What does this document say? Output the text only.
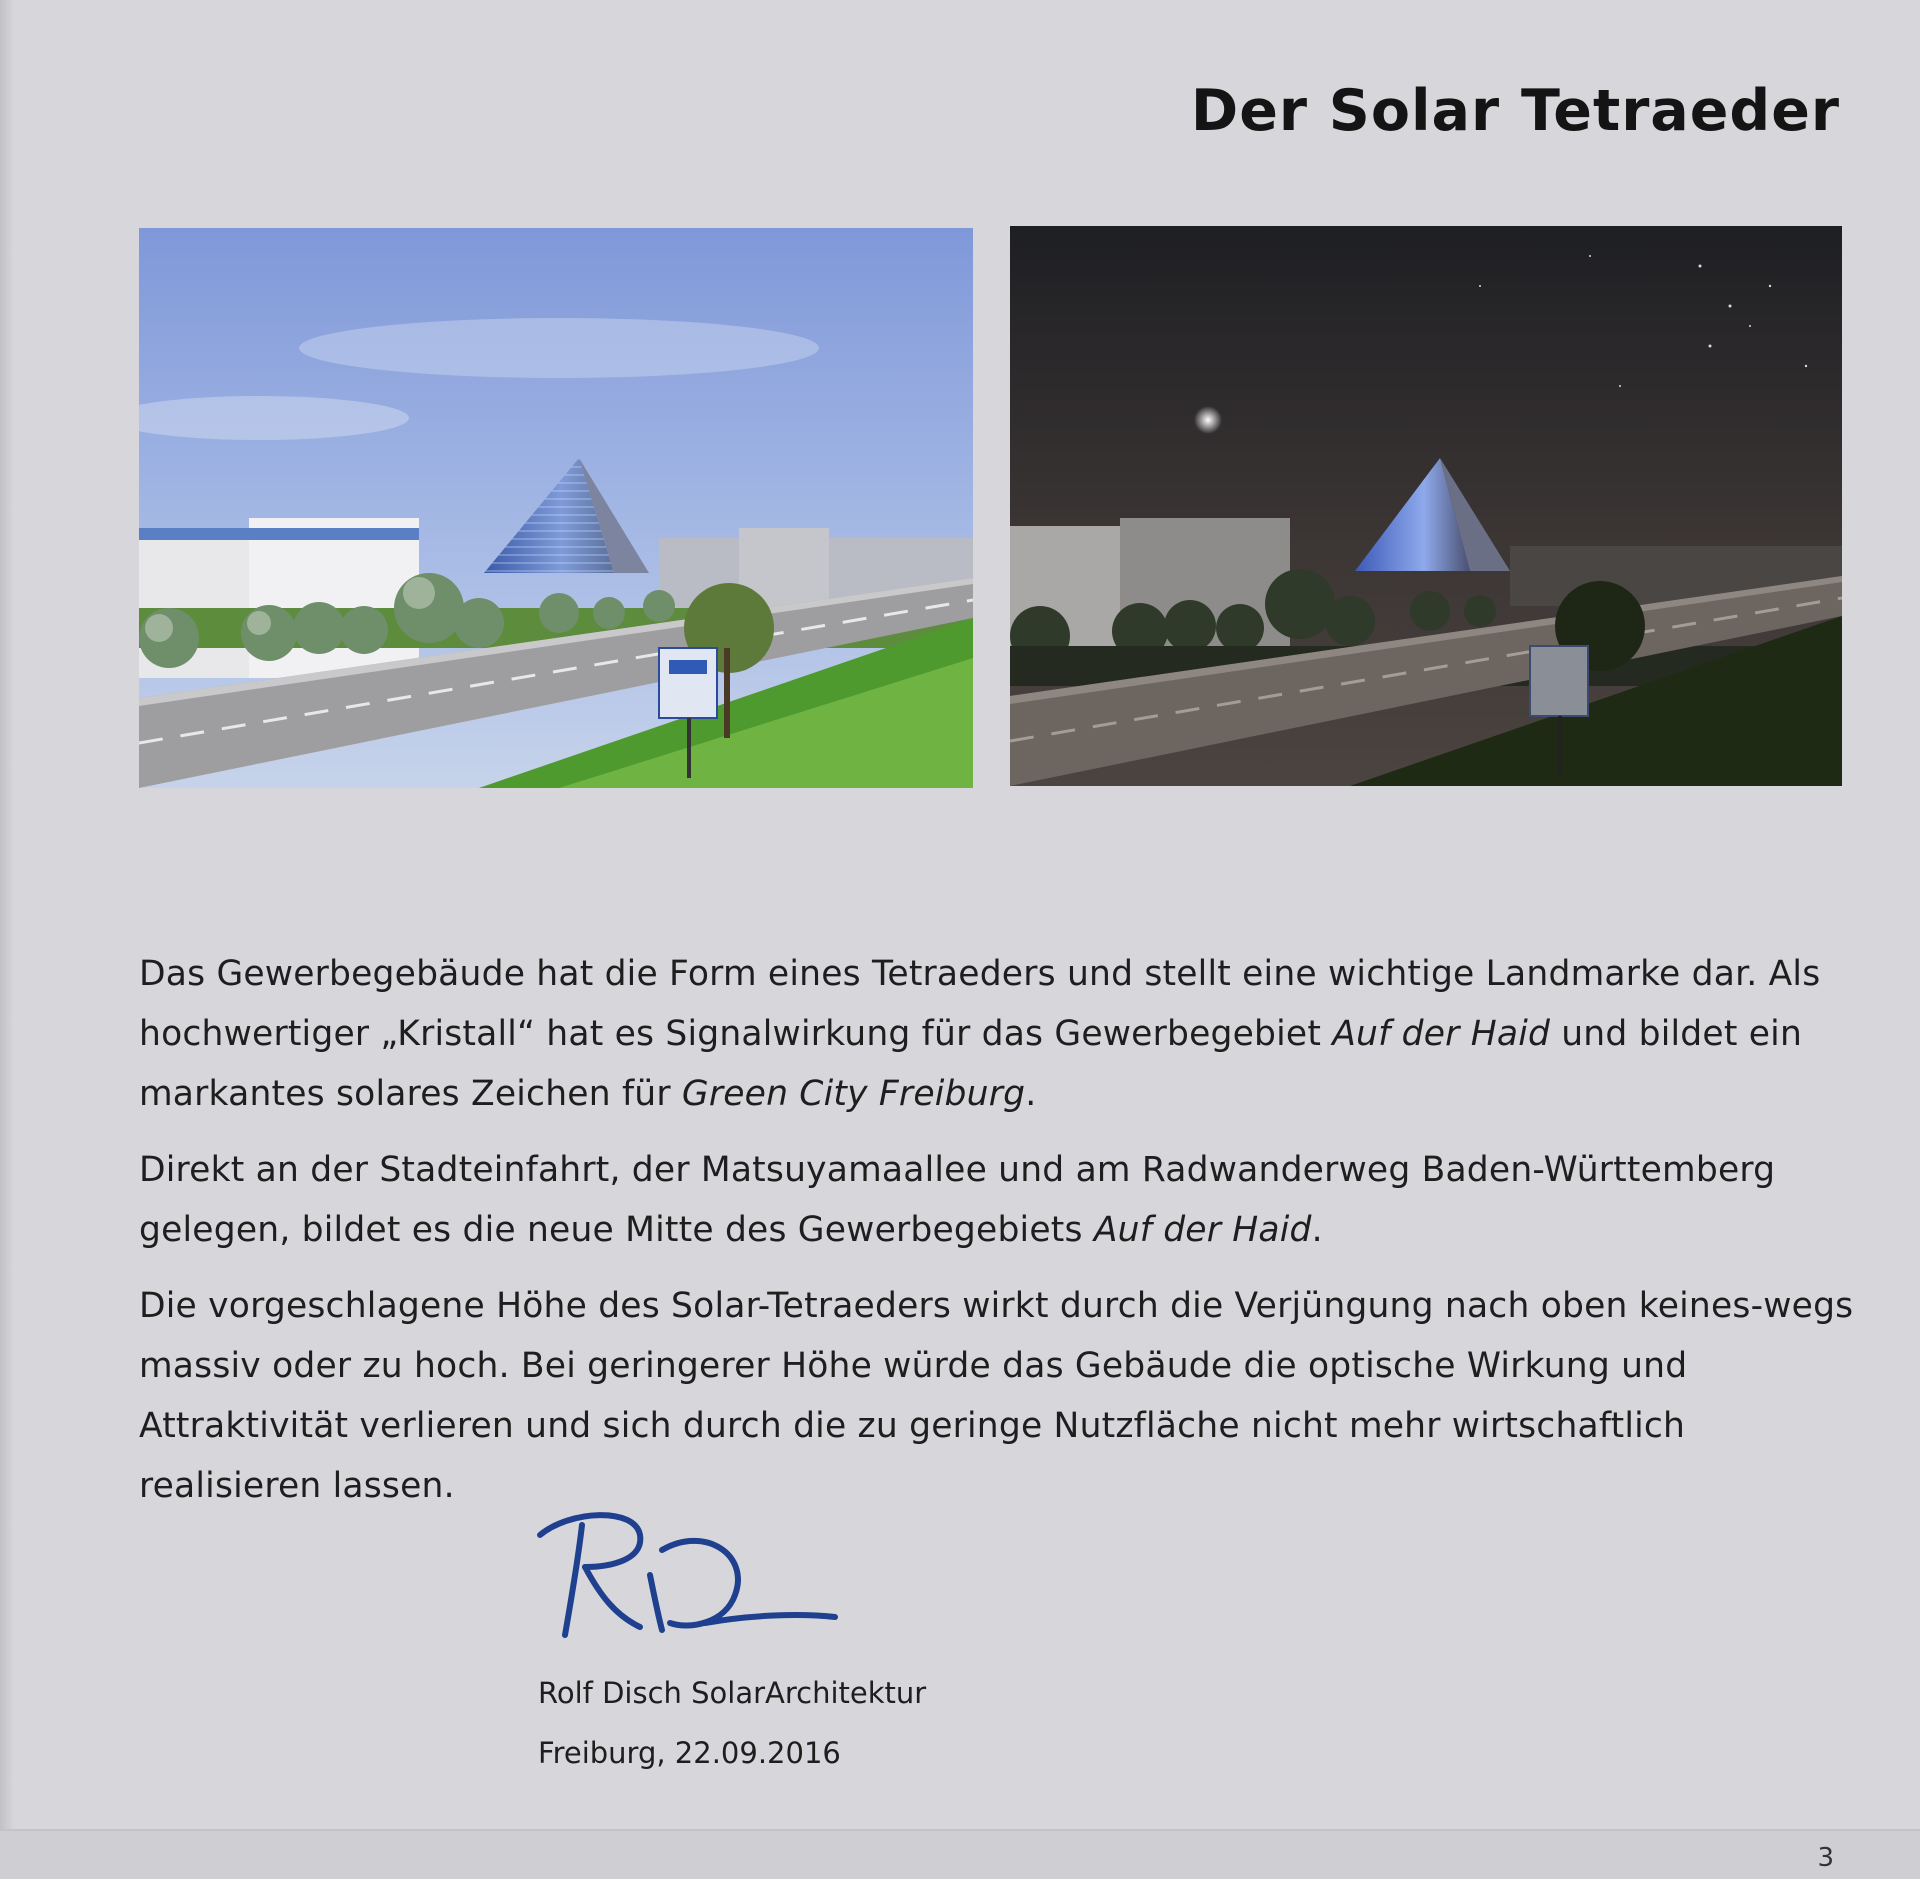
Der Solar Tetraeder

Das Gewerbegebäude hat die Form eines Tetraeders und stellt eine wichtige Landmarke dar. Als hochwertiger „Kristall“ hat es Signalwirkung für das Gewerbegebiet Auf der Haid und bildet ein markantes solares Zeichen für Green City Freiburg.

Direkt an der Stadteinfahrt, der Matsuyamaallee und am Radwanderweg Baden-Württemberg gelegen, bildet es die neue Mitte des Gewerbegebiets Auf der Haid.

Die vorgeschlagene Höhe des Solar-Tetraeders wirkt durch die Verjüngung nach oben keines-wegs massiv oder zu hoch. Bei geringerer Höhe würde das Gebäude die optische Wirkung und Attraktivität verlieren und sich durch die zu geringe Nutzfläche nicht mehr wirtschaftlich realisieren lassen.

Rolf Disch SolarArchitektur
Freiburg, 22.09.2016
3
